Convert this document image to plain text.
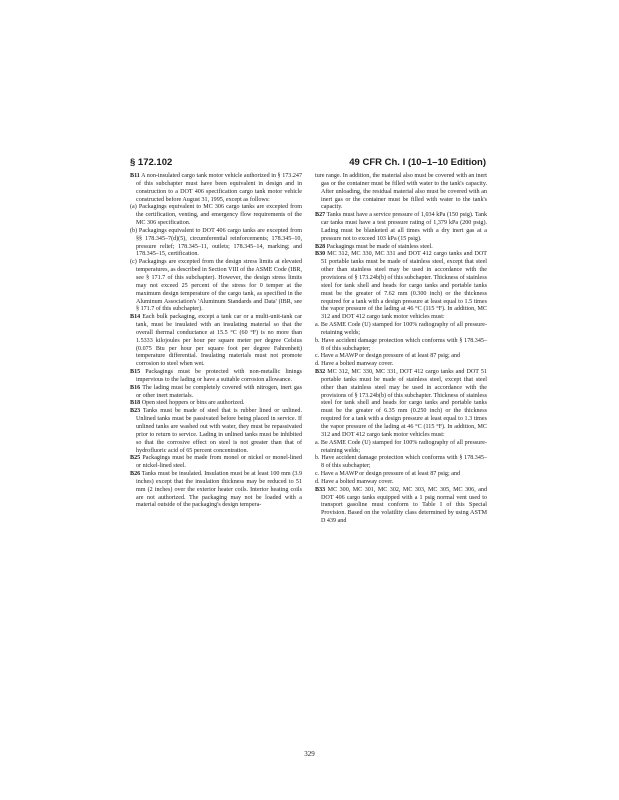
§ 172.102	49 CFR Ch. I (10–1–10 Edition)

B11 A non-insulated cargo tank motor vehicle authorized in § 173.247 of this subchapter must have been equivalent in design and in construction to a DOT 406 specification cargo tank motor vehicle constructed before August 31, 1995, except as follows:

(a) Packagings equivalent to MC 306 cargo tanks are excepted from the certification, venting, and emergency flow requirements of the MC 306 specification.

(b) Packagings equivalent to DOT 406 cargo tanks are excepted from §§ 178.345–7(d)(5), circumferential reinforcements; 178.345–10, pressure relief; 178.345–11, outlets; 178.345–14, marking; and 178.345–15, certification.

(c) Packagings are excepted from the design stress limits at elevated temperatures, as described in Section VIII of the ASME Code (IBR, see § 171.7 of this subchapter). However, the design stress limits may not exceed 25 percent of the stress for 0 temper at the maximum design temperature of the cargo tank, as specified in the Aluminum Association's 'Aluminum Standards and Data' (IBR, see § 171.7 of this subchapter).

B14 Each bulk packaging, except a tank car or a multi-unit-tank car tank, must be insulated with an insulating material so that the overall thermal conductance at 15.5 °C (60 °F) is no more than 1.5333 kilojoules per hour per square meter per degree Celsius (0.075 Btu per hour per square foot per degree Fahrenheit) temperature differential. Insulating materials must not promote corrosion to steel when wet.

B15 Packagings must be protected with non-metallic linings impervious to the lading or have a suitable corrosion allowance.

B16 The lading must be completely covered with nitrogen, inert gas or other inert materials.

B18 Open steel hoppers or bins are authorized.

B23 Tanks must be made of steel that is rubber lined or unlined. Unlined tanks must be passivated before being placed in service. If unlined tanks are washed out with water, they must be repassivated prior to return to service. Lading in unlined tanks must be inhibited so that the corrosive effect on steel is not greater than that of hydrofluoric acid of 65 percent concentration.

B25 Packagings must be made from monel or nickel or monel-lined or nickel-lined steel.

B26 Tanks must be insulated. Insulation must be at least 100 mm (3.9 inches) except that the insulation thickness may be reduced to 51 mm (2 inches) over the exterior heater coils. Interior heating coils are not authorized. The packaging may not be loaded with a material outside of the packaging's design tempera-

ture range. In addition, the material also must be covered with an inert gas or the container must be filled with water to the tank's capacity. After unloading, the residual material also must be covered with an inert gas or the container must be filled with water to the tank's capacity.

B27 Tanks must have a service pressure of 1,034 kPa (150 psig). Tank car tanks must have a test pressure rating of 1,379 kPa (200 psig). Lading must be blanketed at all times with a dry inert gas at a pressure not to exceed 103 kPa (15 psig).

B28 Packagings must be made of stainless steel.

B30 MC 312, MC 330, MC 331 and DOT 412 cargo tanks and DOT 51 portable tanks must be made of stainless steel, except that steel other than stainless steel may be used in accordance with the provisions of § 173.24b(b) of this subchapter. Thickness of stainless steel for tank shell and heads for cargo tanks and portable tanks must be the greater of 7.62 mm (0.300 inch) or the thickness required for a tank with a design pressure at least equal to 1.5 times the vapor pressure of the lading at 46 °C (115 °F). In addition, MC 312 and DOT 412 cargo tank motor vehicles must:

a. Be ASME Code (U) stamped for 100% radiography of all pressure-retaining welds;

b. Have accident damage protection which conforms with § 178.345–8 of this subchapter;

c. Have a MAWP or design pressure of at least 87 psig; and

d. Have a bolted manway cover.

B32 MC 312, MC 330, MC 331, DOT 412 cargo tanks and DOT 51 portable tanks must be made of stainless steel, except that steel other than stainless steel may be used in accordance with the provisions of § 173.24b(b) of this subchapter. Thickness of stainless steel for tank shell and heads for cargo tanks and portable tanks must be the greater of 6.35 mm (0.250 inch) or the thickness required for a tank with a design pressure at least equal to 1.3 times the vapor pressure of the lading at 46 °C (115 °F). In addition, MC 312 and DOT 412 cargo tank motor vehicles must:

a. Be ASME Code (U) stamped for 100% radiography of all pressure-retaining welds;

b. Have accident damage protection which conforms with § 178.345–8 of this subchapter;

c. Have a MAWP or design pressure of at least 87 psig; and

d. Have a bolted manway cover.

B33 MC 300, MC 301, MC 302, MC 303, MC 305, MC 306, and DOT 406 cargo tanks equipped with a 1 psig normal vent used to transport gasoline must conform to Table I of this Special Provision. Based on the volatility class determined by using ASTM D 439 and

329
